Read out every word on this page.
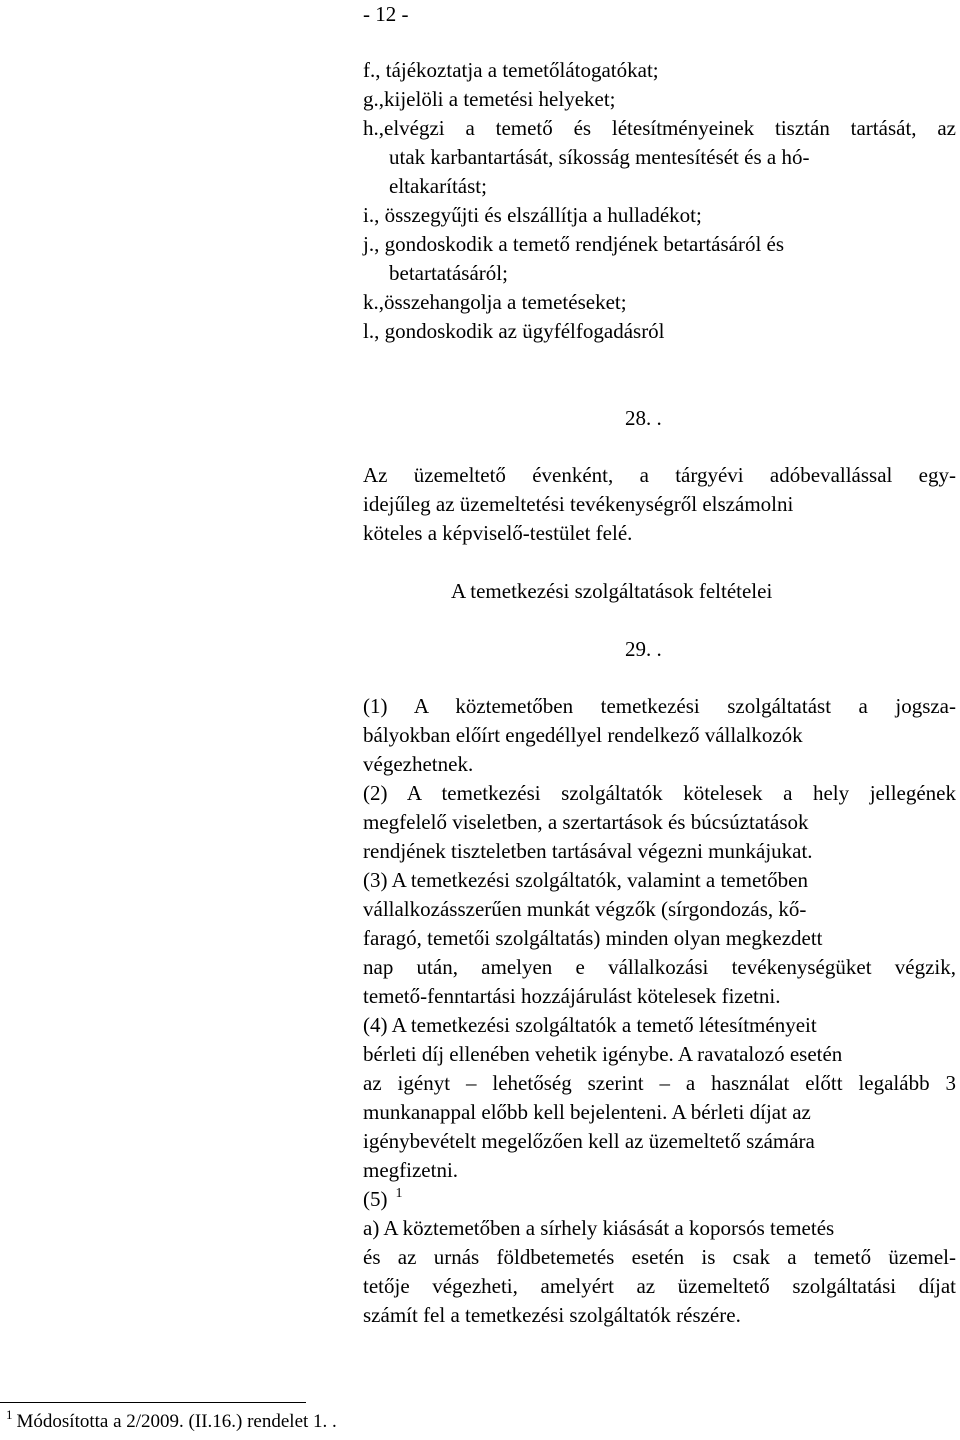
- 12 -
f., tájékoztatja a temetőlátogatókat;
g.,kijelöli a temetési helyeket;
h.,elvégzi a temető és létesítményeinek tisztán tartását, az
utak karbantartását, síkosság mentesítését és a hó-
eltakarítást;
i., összegyűjti és elszállítja a hulladékot;
j., gondoskodik a temető rendjének betartásáról és
betartatásáról;
k.,összehangolja a temetéseket;
l., gondoskodik az ügyfélfogadásról
28. .
Az üzemeltető évenként, a tárgyévi adóbevallással egy-
idejűleg az üzemeltetési tevékenységről elszámolni
köteles a képviselő-testület felé.
A temetkezési szolgáltatások feltételei
29. .
(1) A köztemetőben temetkezési szolgáltatást a jogsza-
bályokban előírt engedéllyel rendelkező vállalkozók
végezhetnek.
(2) A temetkezési szolgáltatók kötelesek a hely jellegének
megfelelő viseletben, a szertartások és búcsúztatások
rendjének tiszteletben tartásával végezni munkájukat.
(3) A temetkezési szolgáltatók, valamint a temetőben
vállalkozásszerűen munkát végzők (sírgondozás, kő-
faragó, temetői szolgáltatás) minden olyan megkezdett
nap után, amelyen e vállalkozási tevékenységüket végzik,
temető-fenntartási hozzájárulást kötelesek fizetni.
(4) A temetkezési szolgáltatók a temető létesítményeit
bérleti díj ellenében vehetik igénybe. A ravatalozó esetén
az igényt – lehetőség szerint – a használat előtt legalább 3
munkanappal előbb kell bejelenteni. A bérleti díjat az
igénybevételt megelőzően kell az üzemeltető számára
megfizetni.
(5) $^1$
a) A köztemetőben a sírhely kiásását a koporsós temetés
és az urnás földbetemetés esetén is csak a temető üzemel-
tetője végezheti, amelyért az üzemeltető szolgáltatási díjat
számít fel a temetkezési szolgáltatók részére.
$^1$ Módosította a 2/2009. (II.16.) rendelet 1. .
